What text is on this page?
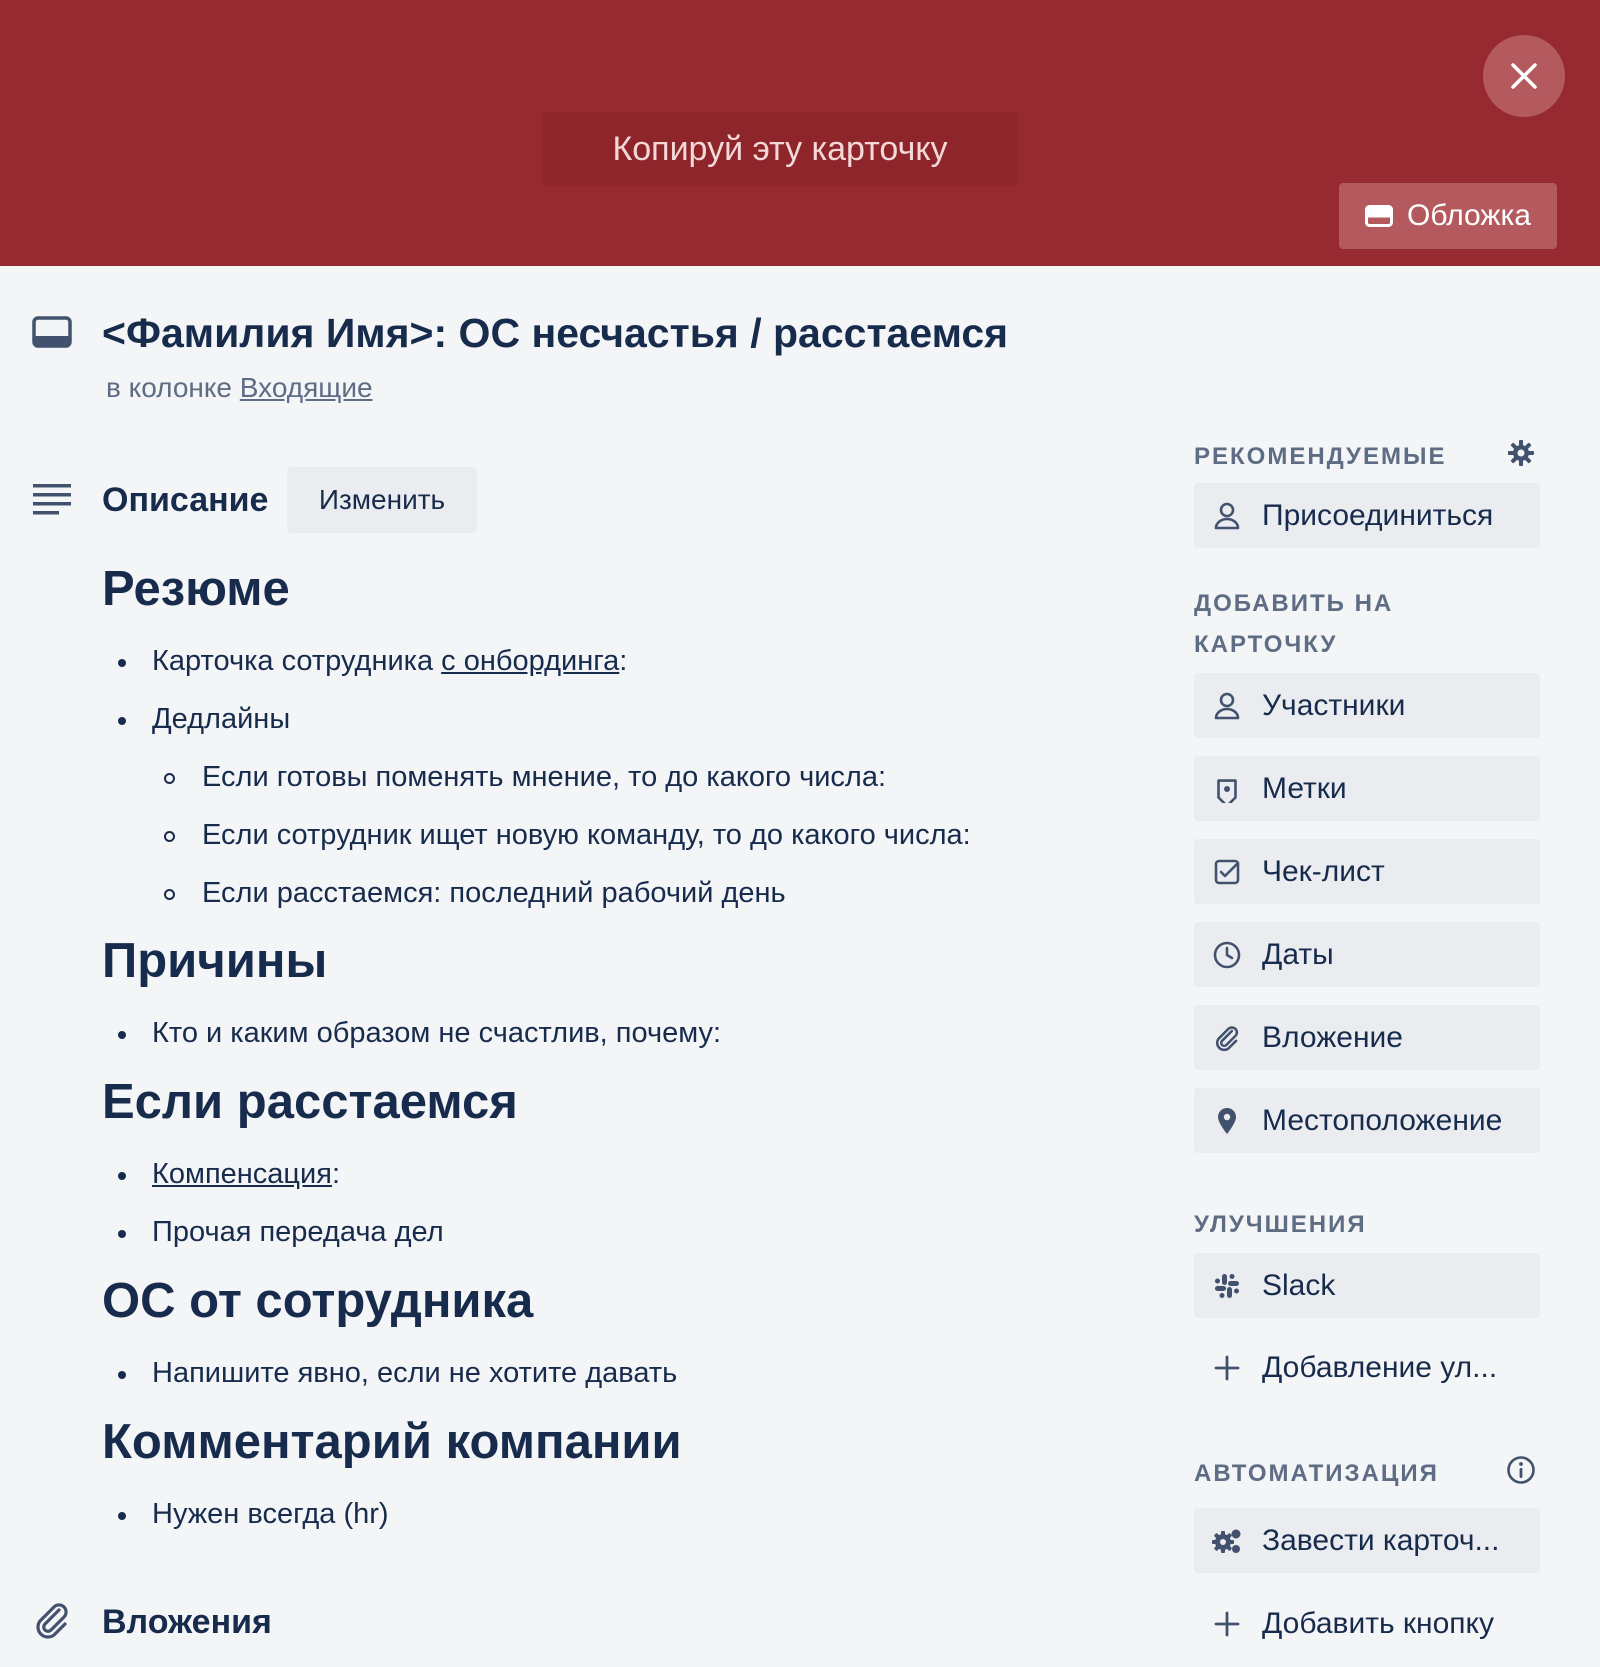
Копируй эту карточку
Обложка
<Фамилия Имя>: ОС несчастья / расстаемся
в колонке Входящие
Описание Изменить
Резюме
Карточка сотрудника с онбординга:
Дедлайны
Если готовы поменять мнение, то до какого числа:
Если сотрудник ищет новую команду, то до какого числа:
Если расстаемся: последний рабочий день
Причины
Кто и каким образом не счастлив, почему:
Если расстаемся
Компенсация:
Прочая передача дел
ОС от сотрудника
Напишите явно, если не хотите давать
Комментарий компании
Нужен всегда (hr)
Вложения
РЕКОМЕНДУЕМЫЕ
Присоединиться
ДОБАВИТЬ НА
КАРТОЧКУ
Участники
Метки
Чек-лист
Даты
Вложение
Местоположение
УЛУЧШЕНИЯ
Slack
Добавление ул...
АВТОМАТИЗАЦИЯ
Завести карточ...
Добавить кнопку
